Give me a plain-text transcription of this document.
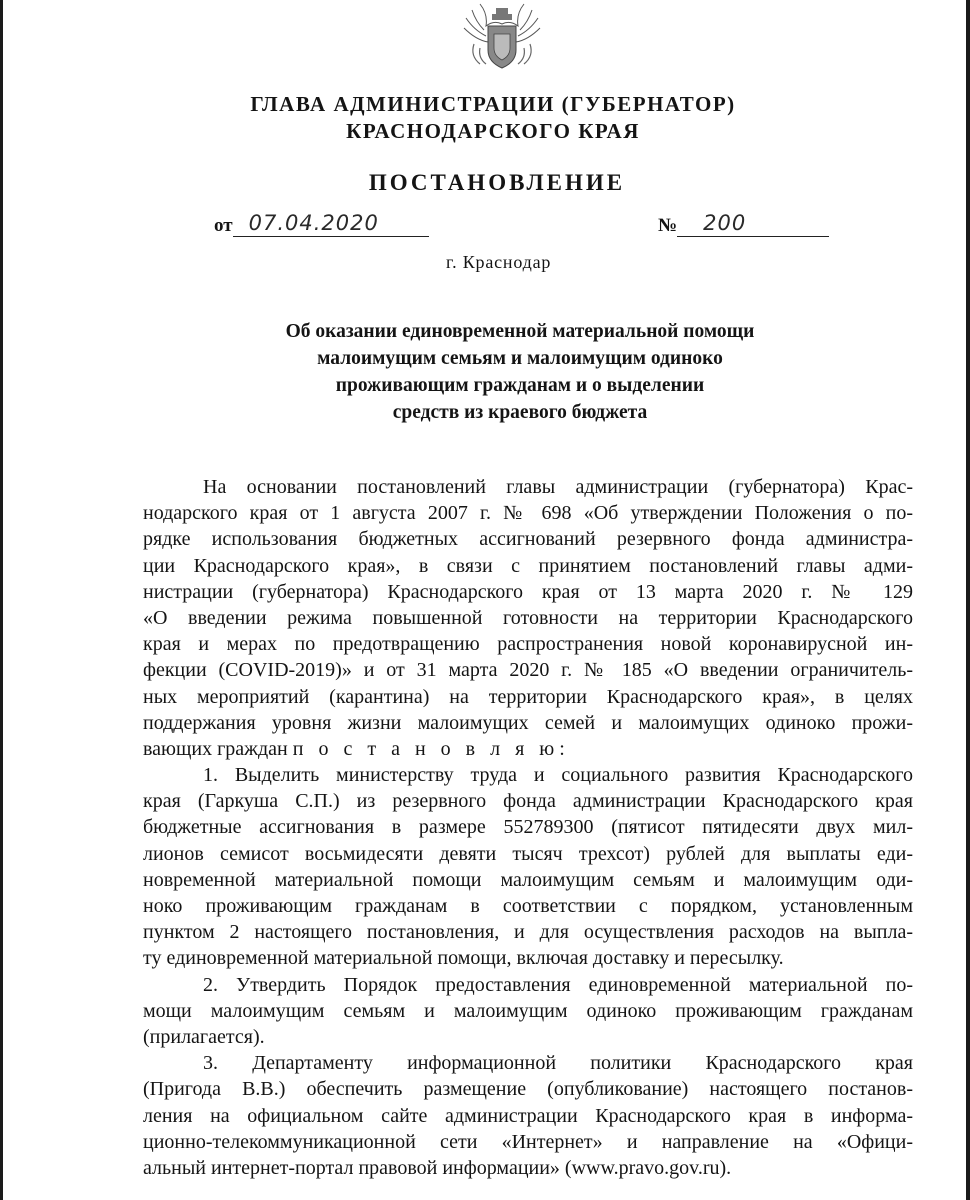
ГЛАВА АДМИНИСТРАЦИИ (ГУБЕРНАТОР)
КРАСНОДАРСКОГО КРАЯ
ПОСТАНОВЛЕНИЕ
от 07.04.2020	№	200
г. Краснодар
Об оказании единовременной материальной помощи
малоимущим семьям и малоимущим одиноко
проживающим гражданам и о выделении
средств из краевого бюджета
На основании постановлений главы администрации (губернатора) Крас-
нодарского края от 1 августа 2007 г. № 698 «Об утверждении Положения о по-
рядке использования бюджетных ассигнований резервного фонда администра-
ции Краснодарского края», в связи с принятием постановлений главы адми-
нистрации (губернатора) Краснодарского края от 13 марта 2020 г. № 129
«О введении режима повышенной готовности на территории Краснодарского
края и мерах по предотвращению распространения новой коронавирусной ин-
фекции (COVID-2019)» и от 31 марта 2020 г. № 185 «О введении ограничитель-
ных мероприятий (карантина) на территории Краснодарского края», в целях
поддержания уровня жизни малоимущих семей и малоимущих одиноко прожи-
вающих граждан п о с т а н о в л я ю:
1. Выделить министерству труда и социального развития Краснодарского
края (Гаркуша С.П.) из резервного фонда администрации Краснодарского края
бюджетные ассигнования в размере 552789300 (пятисот пятидесяти двух мил-
лионов семисот восьмидесяти девяти тысяч трехсот) рублей для выплаты еди-
новременной материальной помощи малоимущим семьям и малоимущим оди-
ноко проживающим гражданам в соответствии с порядком, установленным
пунктом 2 настоящего постановления, и для осуществления расходов на выпла-
ту единовременной материальной помощи, включая доставку и пересылку.
2. Утвердить Порядок предоставления единовременной материальной по-
мощи малоимущим семьям и малоимущим одиноко проживающим гражданам
(прилагается).
3. Департаменту информационной политики Краснодарского края
(Пригода В.В.) обеспечить размещение (опубликование) настоящего постанов-
ления на официальном сайте администрации Краснодарского края в информа-
ционно-телекоммуникационной сети «Интернет» и направление на «Офици-
альный интернет-портал правовой информации» (www.pravo.gov.ru).
